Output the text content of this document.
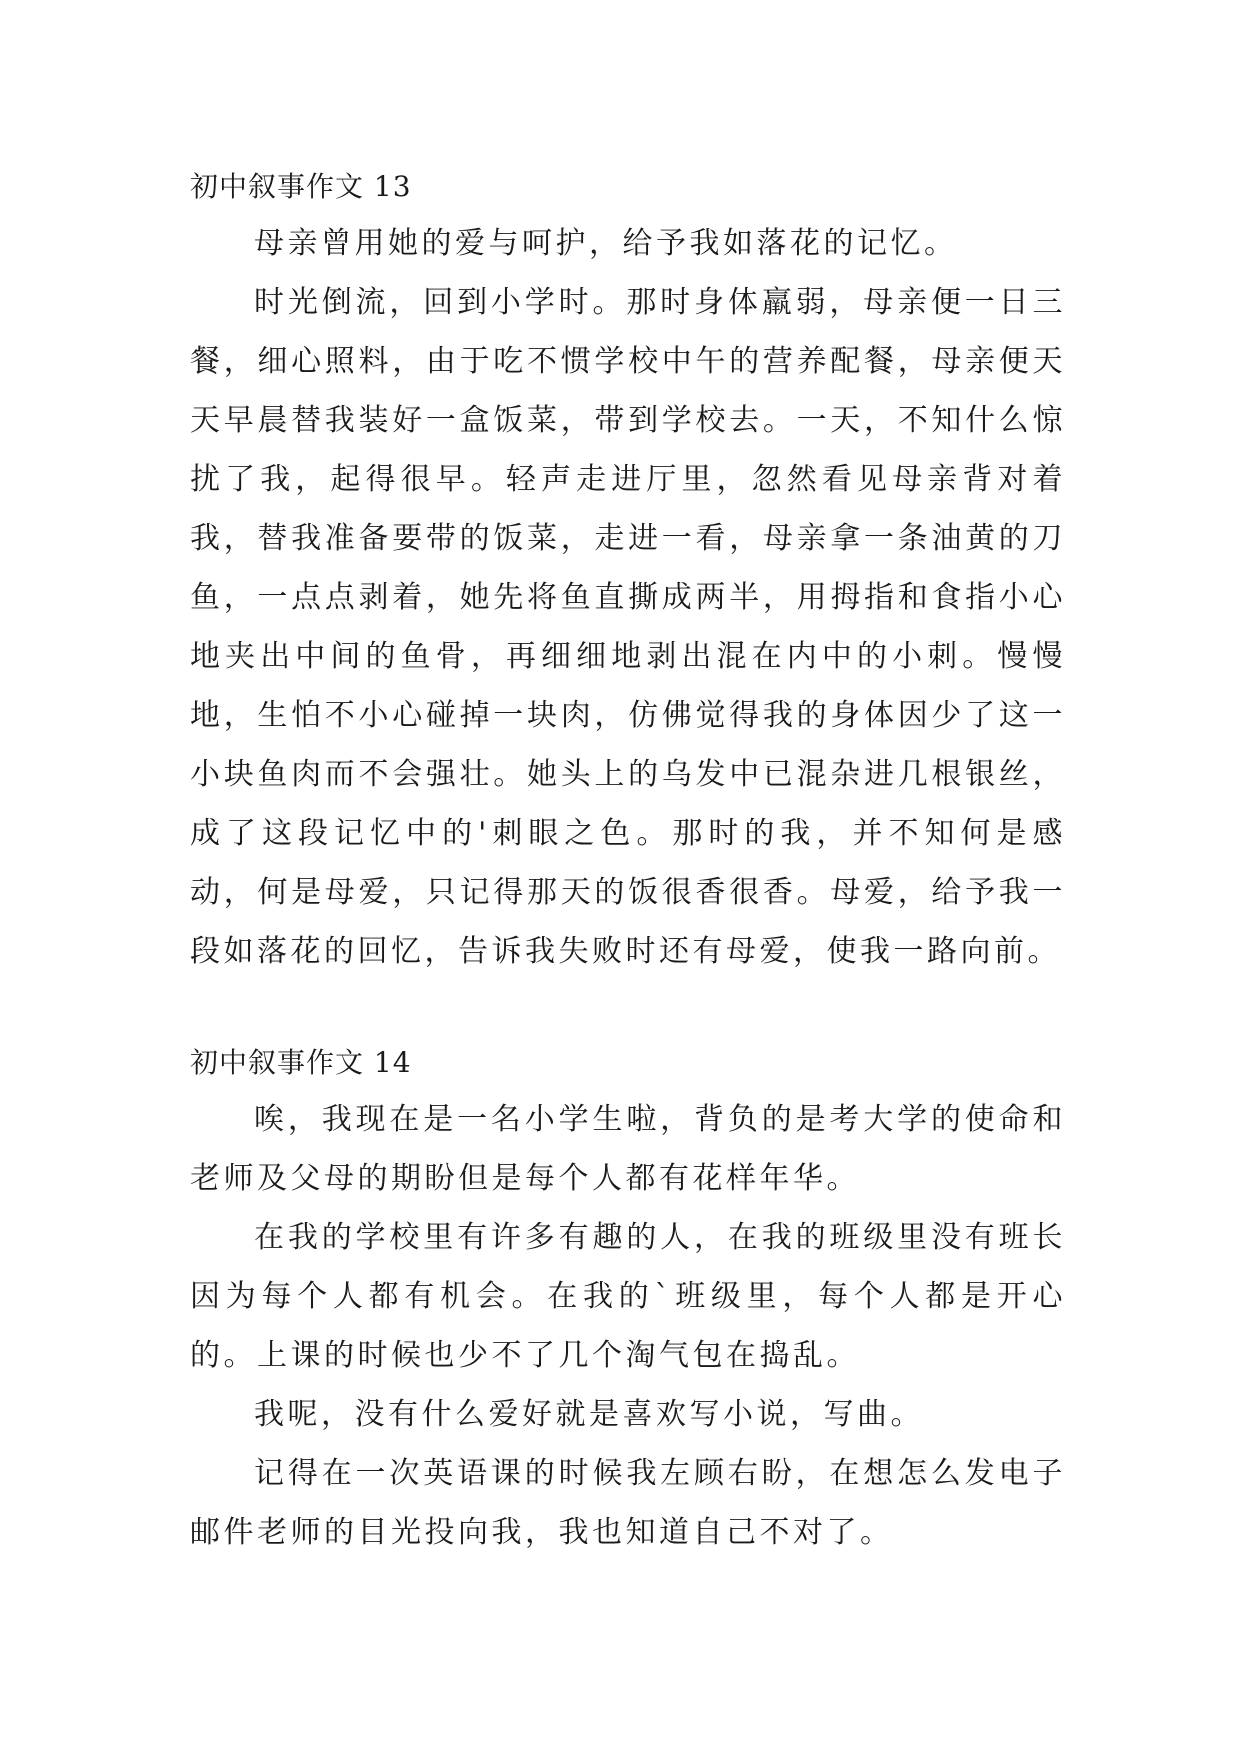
初中叙事作文 13

母亲曾用她的爱与呵护，给予我如落花的记忆。

时光倒流，回到小学时。那时身体羸弱，母亲便一日三餐，细心照料，由于吃不惯学校中午的营养配餐，母亲便天天早晨替我装好一盒饭菜，带到学校去。一天，不知什么惊扰了我，起得很早。轻声走进厅里，忽然看见母亲背对着我，替我准备要带的饭菜，走进一看，母亲拿一条油黄的刀鱼，一点点剥着，她先将鱼直撕成两半，用拇指和食指小心地夹出中间的鱼骨，再细细地剥出混在内中的小刺。慢慢地，生怕不小心碰掉一块肉，仿佛觉得我的身体因少了这一小块鱼肉而不会强壮。她头上的乌发中已混杂进几根银丝，成了这段记忆中的'刺眼之色。那时的我，并不知何是感动，何是母爱，只记得那天的饭很香很香。母爱，给予我一段如落花的回忆，告诉我失败时还有母爱，使我一路向前。

初中叙事作文 14

唉，我现在是一名小学生啦，背负的是考大学的使命和老师及父母的期盼但是每个人都有花样年华。

在我的学校里有许多有趣的人，在我的班级里没有班长因为每个人都有机会。在我的`班级里，每个人都是开心的。上课的时候也少不了几个淘气包在捣乱。

我呢，没有什么爱好就是喜欢写小说，写曲。

记得在一次英语课的时候我左顾右盼，在想怎么发电子邮件老师的目光投向我，我也知道自己不对了。
